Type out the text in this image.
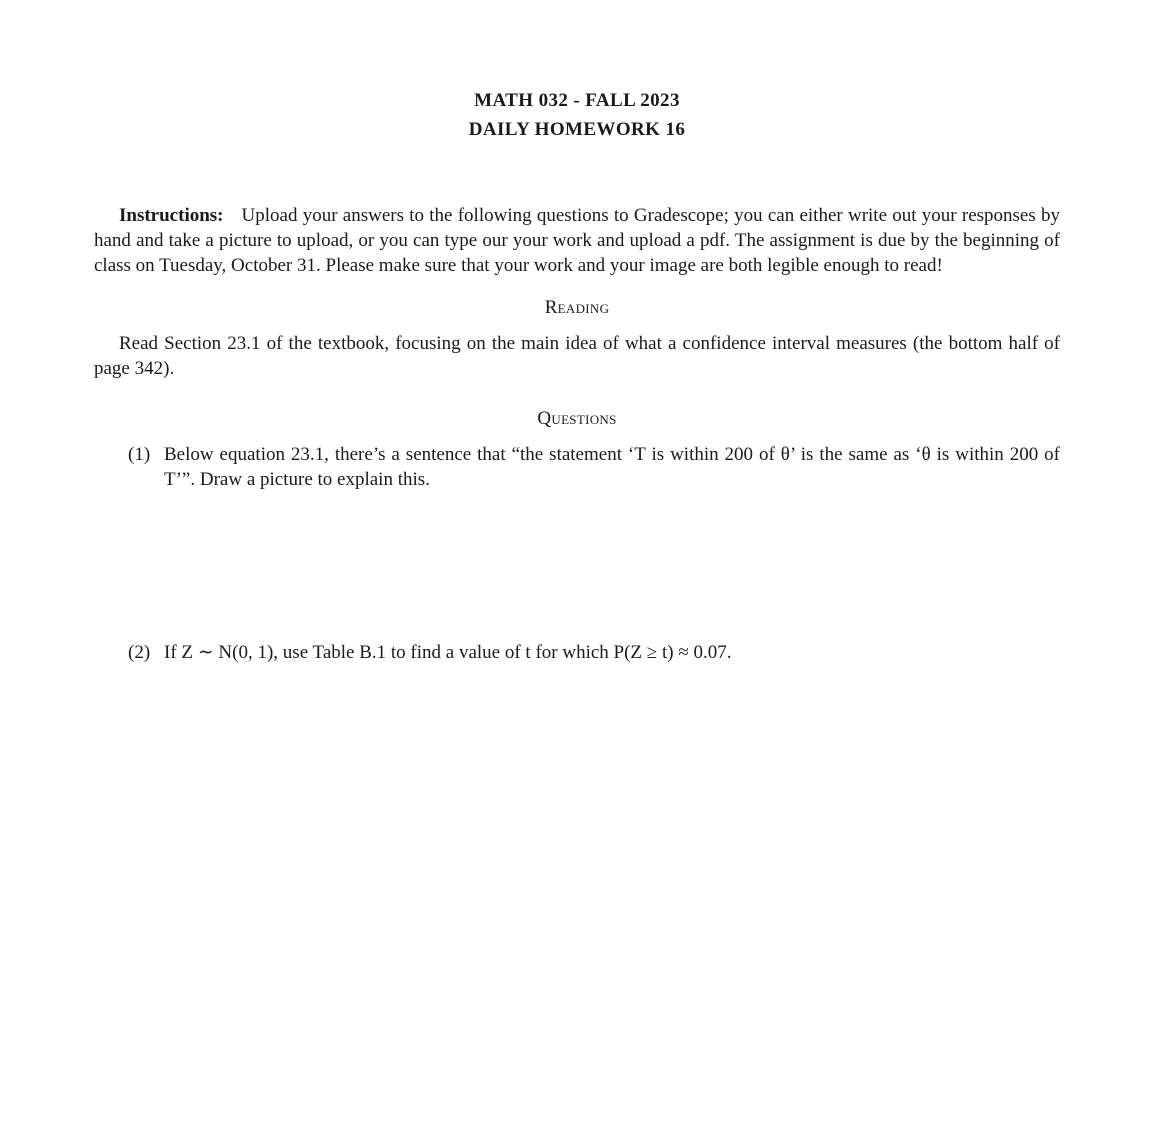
MATH 032 - FALL 2023
DAILY HOMEWORK 16

Instructions: Upload your answers to the following questions to Gradescope; you can either write out your responses by hand and take a picture to upload, or you can type our your work and upload a pdf. The assignment is due by the beginning of class on Tuesday, October 31. Please make sure that your work and your image are both legible enough to read!

Reading

Read Section 23.1 of the textbook, focusing on the main idea of what a confidence interval measures (the bottom half of page 342).

Questions
(1) Below equation 23.1, there’s a sentence that “the statement ‘T is within 200 of θ’ is the same as ‘θ is within 200 of T’”. Draw a picture to explain this.
(2) If Z ∼ N(0, 1), use Table B.1 to find a value of t for which P(Z ≥ t) ≈ 0.07.
